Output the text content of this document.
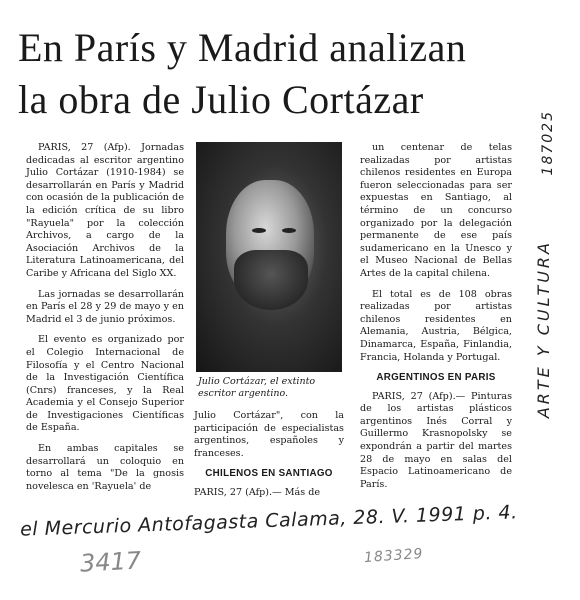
En París y Madrid analizan
la obra de Julio Cortázar

PARIS, 27 (Afp). Jornadas dedicadas al escritor argentino Julio Cortázar (1910-1984) se desarrollarán en París y Madrid con ocasión de la publicación de la edición crítica de su libro "Rayuela" por la colección Archivos, a cargo de la Asociación Archivos de la Literatura Latinoamericana, del Caribe y Africana del Siglo XX.

Las jornadas se desarrollarán en París el 28 y 29 de mayo y en Madrid el 3 de junio próximos.

El evento es organizado por el Colegio Internacional de Filosofía y el Centro Nacional de la Investigación Científica (Cnrs) franceses, y la Real Academia y el Consejo Superior de Investigaciones Científicas de España.

En ambas capitales se desarrollará un coloquio en torno al tema "De la gnosis novelesca en 'Rayuela' de

Julio Cortázar, el extinto escritor argentino.

Julio Cortázar", con la participación de especialistas argentinos, españoles y franceses.

CHILENOS EN SANTIAGO

PARIS, 27 (Afp).— Más de

un centenar de telas realizadas por artistas chilenos residentes en Europa fueron seleccionadas para ser expuestas en Santiago, al término de un concurso organizado por la delegación permanente de ese país sudamericano en la Unesco y el Museo Nacional de Bellas Artes de la capital chilena.

El total es de 108 obras realizadas por artistas chilenos residentes en Alemania, Austria, Bélgica, Dinamarca, España, Finlandia, Francia, Holanda y Portugal.

ARGENTINOS EN PARIS

PARIS, 27 (Afp).— Pinturas de los artistas plásticos argentinos Inés Corral y Guillermo Krasnopolsky se expondrán a partir del martes 28 de mayo en salas del Espacio Latinoamericano de París.

el Mercurio Antofagasta Calama, 28. V. 1991 p. 4.
3417	183329
187025
ARTE Y CULTURA
